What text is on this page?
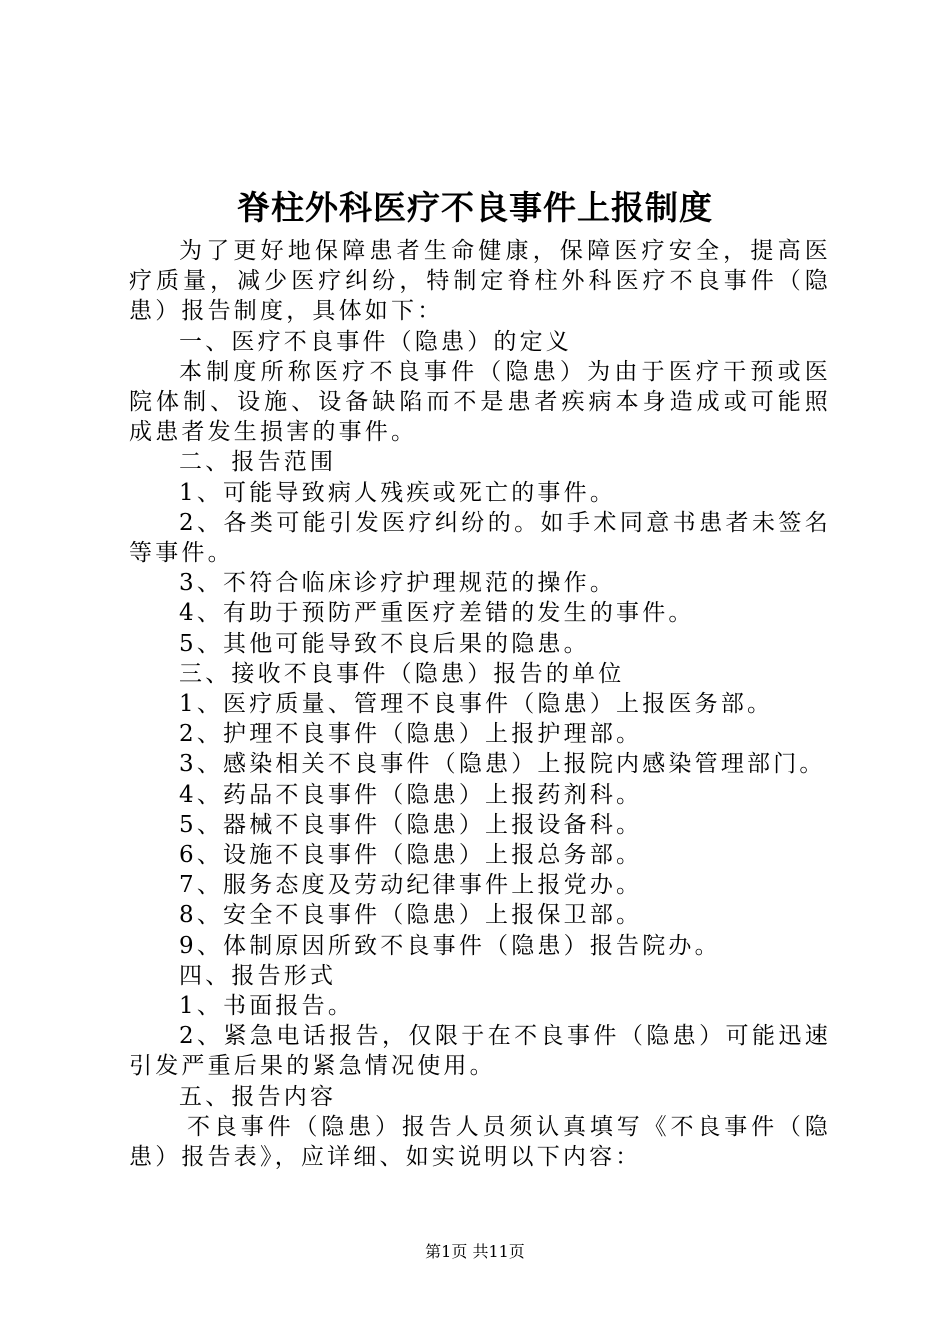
脊柱外科医疗不良事件上报制度

为了更好地保障患者生命健康，保障医疗安全，提高医疗质量，减少医疗纠纷，特制定脊柱外科医疗不良事件（隐患）报告制度，具体如下：

一、医疗不良事件（隐患）的定义

本制度所称医疗不良事件（隐患）为由于医疗干预或医院体制、设施、设备缺陷而不是患者疾病本身造成或可能照成患者发生损害的事件。

二、报告范围

1、可能导致病人残疾或死亡的事件。

2、各类可能引发医疗纠纷的。如手术同意书患者未签名等事件。

3、不符合临床诊疗护理规范的操作。

4、有助于预防严重医疗差错的发生的事件。

5、其他可能导致不良后果的隐患。

三、接收不良事件（隐患）报告的单位

1、医疗质量、管理不良事件（隐患）上报医务部。

2、护理不良事件（隐患）上报护理部。

3、感染相关不良事件（隐患）上报院内感染管理部门。

4、药品不良事件（隐患）上报药剂科。

5、器械不良事件（隐患）上报设备科。

6、设施不良事件（隐患）上报总务部。

7、服务态度及劳动纪律事件上报党办。

8、安全不良事件（隐患）上报保卫部。

9、体制原因所致不良事件（隐患）报告院办。

四、报告形式

1、书面报告。

2、紧急电话报告，仅限于在不良事件（隐患）可能迅速引发严重后果的紧急情况使用。

五、报告内容

不良事件（隐患）报告人员须认真填写《不良事件（隐患）报告表》，应详细、如实说明以下内容：

第1页 共11页
